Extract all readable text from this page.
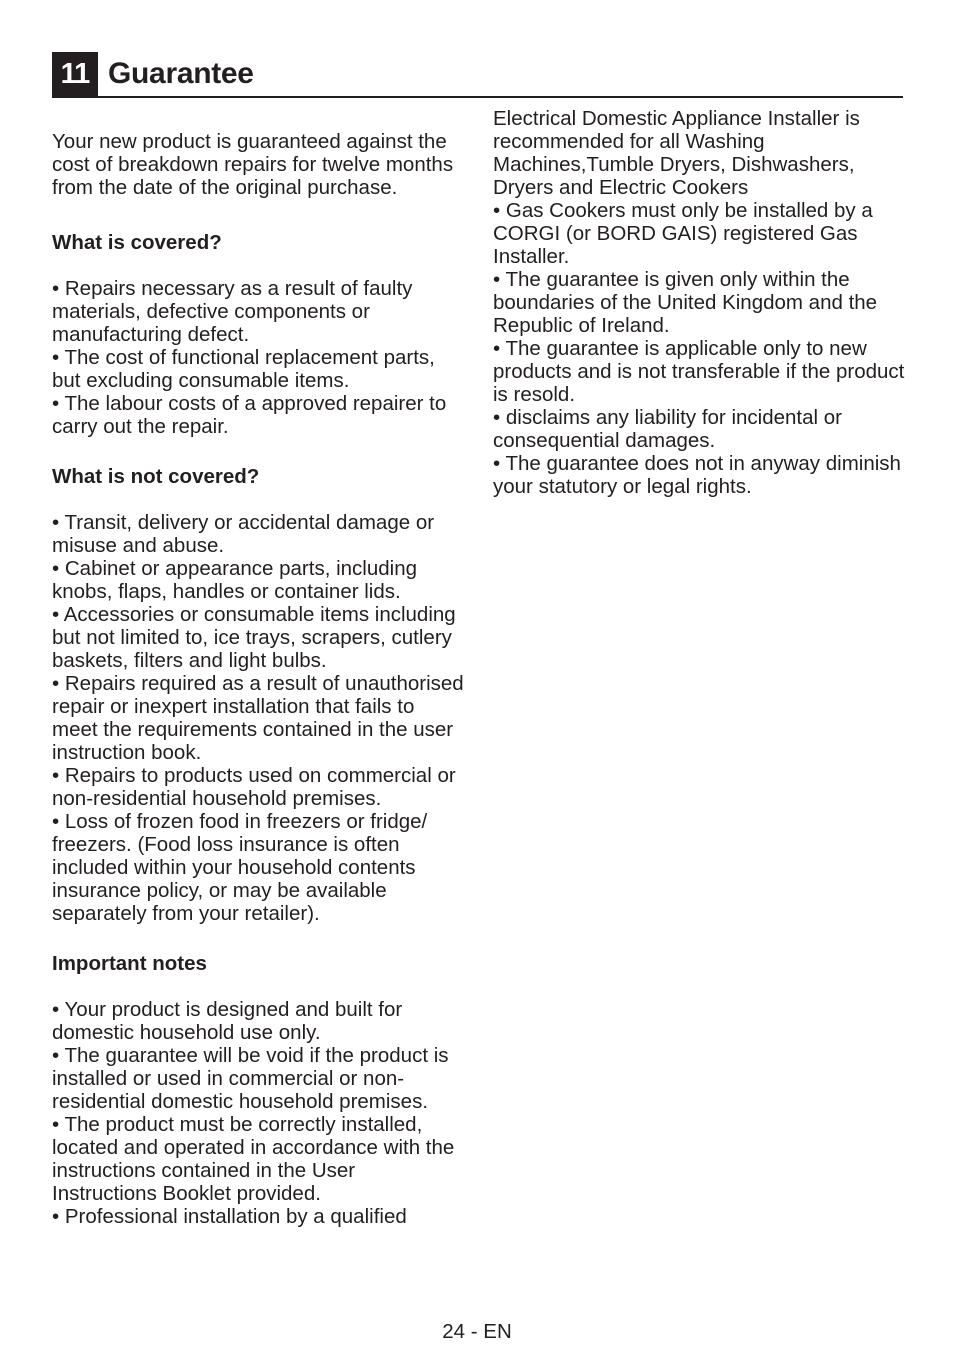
11 Guarantee

Your new product is guaranteed against the cost of breakdown repairs for twelve months from the date of the original purchase.

What is covered?

• Repairs necessary as a result of faulty materials, defective components or manufacturing defect.

• The cost of functional replacement parts, but excluding consumable items.

• The labour costs of a approved repairer to carry out the repair.

What is not covered?

• Transit, delivery or accidental damage or misuse and abuse.

• Cabinet or appearance parts, including knobs, flaps, handles or container lids.

• Accessories or consumable items including but not limited to, ice trays, scrapers, cutlery baskets, filters and light bulbs.

• Repairs required as a result of unauthorised repair or inexpert installation that fails to meet the requirements contained in the user instruction book.

• Repairs to products used on commercial or non-residential household premises.

• Loss of frozen food in freezers or fridge/ freezers. (Food loss insurance is often included within your household contents insurance policy, or may be available separately from your retailer).

Important notes

• Your product is designed and built for domestic household use only.

• The guarantee will be void if the product is installed or used in commercial or non-residential domestic household premises.

• The product must be correctly installed, located and operated in accordance with the instructions contained in the User Instructions Booklet provided.

• Professional installation by a qualified

Electrical Domestic Appliance Installer is recommended for all Washing Machines,Tumble Dryers, Dishwashers, Dryers and Electric Cookers

• Gas Cookers must only be installed by a CORGI (or BORD GAIS) registered Gas Installer.

• The guarantee is given only within the boundaries of the United Kingdom and the Republic of Ireland.

• The guarantee is applicable only to new products and is not transferable if the product is resold.

• disclaims any liability for incidental or consequential damages.

• The guarantee does not in anyway diminish your statutory or legal rights.

24 - EN
